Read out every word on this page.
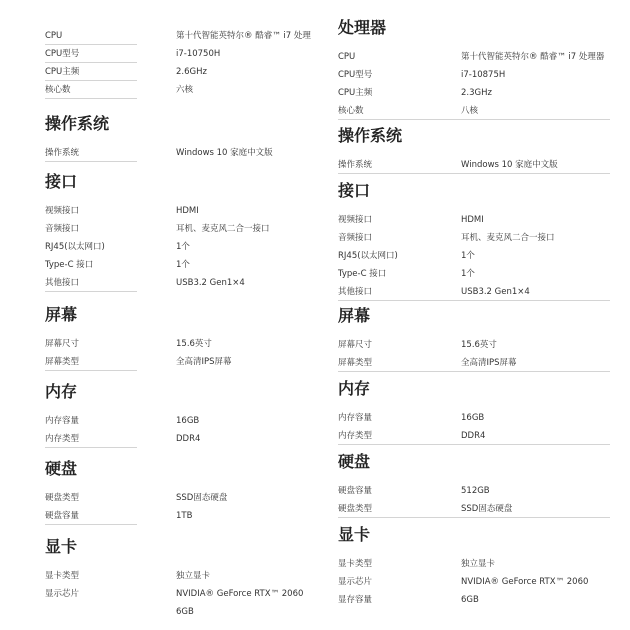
CPU	第十代智能英特尔® 酷睿™ i7 处理
CPU型号	i7-10750H
CPU主频	2.6GHz
核心数	六核
操作系统
操作系统	Windows 10 家庭中文版
接口
视频接口	HDMI
音频接口	耳机、麦克风二合一接口
RJ45(以太网口)	1个
Type-C 接口	1个
其他接口	USB3.2 Gen1×4
屏幕
屏幕尺寸	15.6英寸
屏幕类型	全高清IPS屏幕
内存
内存容量	16GB
内存类型	DDR4
硬盘
硬盘类型	SSD固态硬盘
硬盘容量	1TB
显卡
显卡类型	独立显卡
显示芯片	NVIDIA® GeForce RTX™ 2060
6GB
处理器
CPU	第十代智能英特尔® 酷睿™ i7 处理器
CPU型号	i7-10875H
CPU主频	2.3GHz
核心数	八核
操作系统
操作系统	Windows 10 家庭中文版
接口
视频接口	HDMI
音频接口	耳机、麦克风二合一接口
RJ45(以太网口)	1个
Type-C 接口	1个
其他接口	USB3.2 Gen1×4
屏幕
屏幕尺寸	15.6英寸
屏幕类型	全高清IPS屏幕
内存
内存容量	16GB
内存类型	DDR4
硬盘
硬盘容量	512GB
硬盘类型	SSD固态硬盘
显卡
显卡类型	独立显卡
显示芯片	NVIDIA® GeForce RTX™ 2060
显存容量	6GB
